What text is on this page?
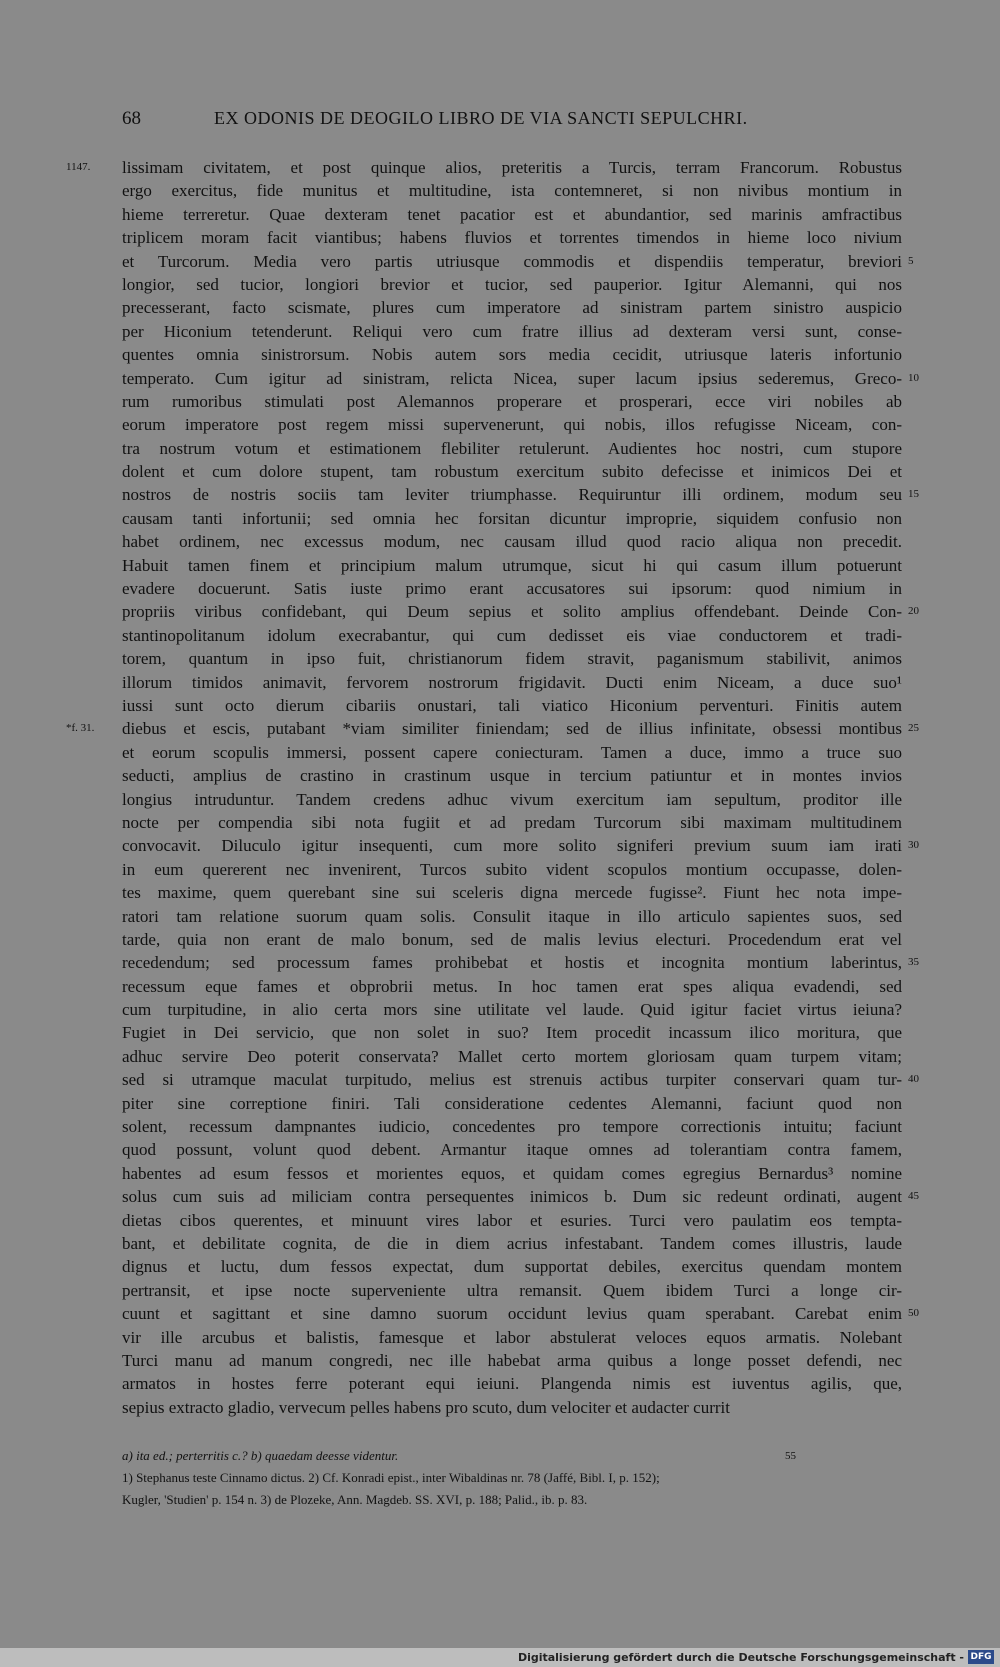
68	EX ODONIS DE DEOGILO LIBRO DE VIA SANCTI SEPULCHRI.
1147.	lissimam civitatem, et post quinque alios, preteritis a Turcis, terram Francorum. Robustus
ergo exercitus, fide munitus et multitudine, ista contemneret, si non nivibus montium in
hieme terreretur. Quae dexteram tenet pacatior est et abundantior, sed marinis amfractibus
triplicem moram facit viantibus; habens fluvios et torrentes timendos in hieme loco nivium
et Turcorum. Media vero partis utriusque commodis et dispendiis temperatur, breviori 5
longior, sed tucior, longiori brevior et tucior, sed pauperior. Igitur Alemanni, qui nos
precesserant, facto scismate, plures cum imperatore ad sinistram partem sinistro auspicio
per Hiconium tetenderunt. Reliqui vero cum fratre illius ad dexteram versi sunt, conse-
quentes omnia sinistrorsum. Nobis autem sors media cecidit, utriusque lateris infortunio
temperato. Cum igitur ad sinistram, relicta Nicea, super lacum ipsius sederemus, Greco- 10
rum rumoribus stimulati post Alemannos properare et prosperari, ecce viri nobiles ab
eorum imperatore post regem missi supervenerunt, qui nobis, illos refugisse Niceam, con-
tra nostrum votum et estimationem flebiliter retulerunt. Audientes hoc nostri, cum stupore
dolent et cum dolore stupent, tam robustum exercitum subito defecisse et inimicos Dei et
nostros de nostris sociis tam leviter triumphasse. Requiruntur illi ordinem, modum seu 15
causam tanti infortunii; sed omnia hec forsitan dicuntur improprie, siquidem confusio non
habet ordinem, nec excessus modum, nec causam illud quod racio aliqua non precedit.
Habuit tamen finem et principium malum utrumque, sicut hi qui casum illum potuerunt
evadere docuerunt. Satis iuste primo erant accusatores sui ipsorum: quod nimium in
propriis viribus confidebant, qui Deum sepius et solito amplius offendebant. Deinde Con- 20
stantinopolitanum idolum execrabantur, qui cum dedisset eis viae conductorem et tradi-
torem, quantum in ipso fuit, christianorum fidem stravit, paganismum stabilivit, animos
illorum timidos animavit, fervorem nostrorum frigidavit. Ducti enim Niceam, a duce suo¹
iussi sunt octo dierum cibariis onustari, tali viatico Hiconium perventuri. Finitis autem
*f. 31.	diebus et escis, putabant *viam similiter finiendam; sed de illius infinitate, obsessi montibus 25
et eorum scopulis immersi, possent capere coniecturam. Tamen a duce, immo a truce suo
seducti, amplius de crastino in crastinum usque in tercium patiuntur et in montes invios
longius intruduntur. Tandem credens adhuc vivum exercitum iam sepultum, proditor ille
nocte per compendia sibi nota fugiit et ad predam Turcorum sibi maximam multitudinem
convocavit. Diluculo igitur insequenti, cum more solito signiferi previum suum iam irati 30
in eum quererent nec invenirent, Turcos subito vident scopulos montium occupasse, dolen-
tes maxime, quem querebant sine sui sceleris digna mercede fugisse². Fiunt hec nota impe-
ratori tam relatione suorum quam solis. Consulit itaque in illo articulo sapientes suos, sed
tarde, quia non erant de malo bonum, sed de malis levius electuri. Procedendum erat vel
recedendum; sed processum fames prohibebat et hostis et incognita montium laberintus, 35
recessum eque fames et obprobrii metus. In hoc tamen erat spes aliqua evadendi, sed
cum turpitudine, in alio certa mors sine utilitate vel laude. Quid igitur faciet virtus ieiuna?
Fugiet in Dei servicio, que non solet in suo? Item procedit incassum ilico moritura, que
adhuc servire Deo poterit conservata? Mallet certo mortem gloriosam quam turpem vitam;
sed si utramque maculat turpitudo, melius est strenuis actibus turpiter conservari quam tur- 40
piter sine correptione finiri. Tali consideratione cedentes Alemanni, faciunt quod non
solent, recessum dampnantes iudicio, concedentes pro tempore correctionis intuitu; faciunt
quod possunt, volunt quod debent. Armantur itaque omnes ad tolerantiam contra famem,
habentes ad esum fessos et morientes equos, et quidam comes egregius Bernardus³ nomine
solus cum suis ad miliciam contra persequentes inimicos b. Dum sic redeunt ordinati, augent 45
dietas cibos querentes, et minuunt vires labor et esuries. Turci vero paulatim eos tempta-
bant, et debilitate cognita, de die in diem acrius infestabant. Tandem comes illustris, laude
dignus et luctu, dum fessos expectat, dum supportat debiles, exercitus quendam montem
pertransit, et ipse nocte superveniente ultra remansit. Quem ibidem Turci a longe cir-
cuunt et sagittant et sine damno suorum occidunt levius quam sperabant. Carebat enim 50
vir ille arcubus et balistis, famesque et labor abstulerat veloces equos armatis. Nolebant
Turci manu ad manum congredi, nec ille habebat arma quibus a longe posset defendi, nec
armatos in hostes ferre poterant equi ieiuni. Plangenda nimis est iuventus agilis, que,
sepius extracto gladio, vervecum pelles habens pro scuto, dum velociter et audacter currit
a) ita ed.; perterritis c.? b) quaedam deesse videntur.
1) Stephanus teste Cinnamo dictus. 2) Cf. Konradi epist., inter Wibaldinas nr. 78 (Jaffé, Bibl. I, p. 152);
Kugler, 'Studien' p. 154 n. 3) de Plozeke, Ann. Magdeb. SS. XVI, p. 188; Palid., ib. p. 83.
55
Digitalisierung gefördert durch die Deutsche Forschungsgemeinschaft - DFG
